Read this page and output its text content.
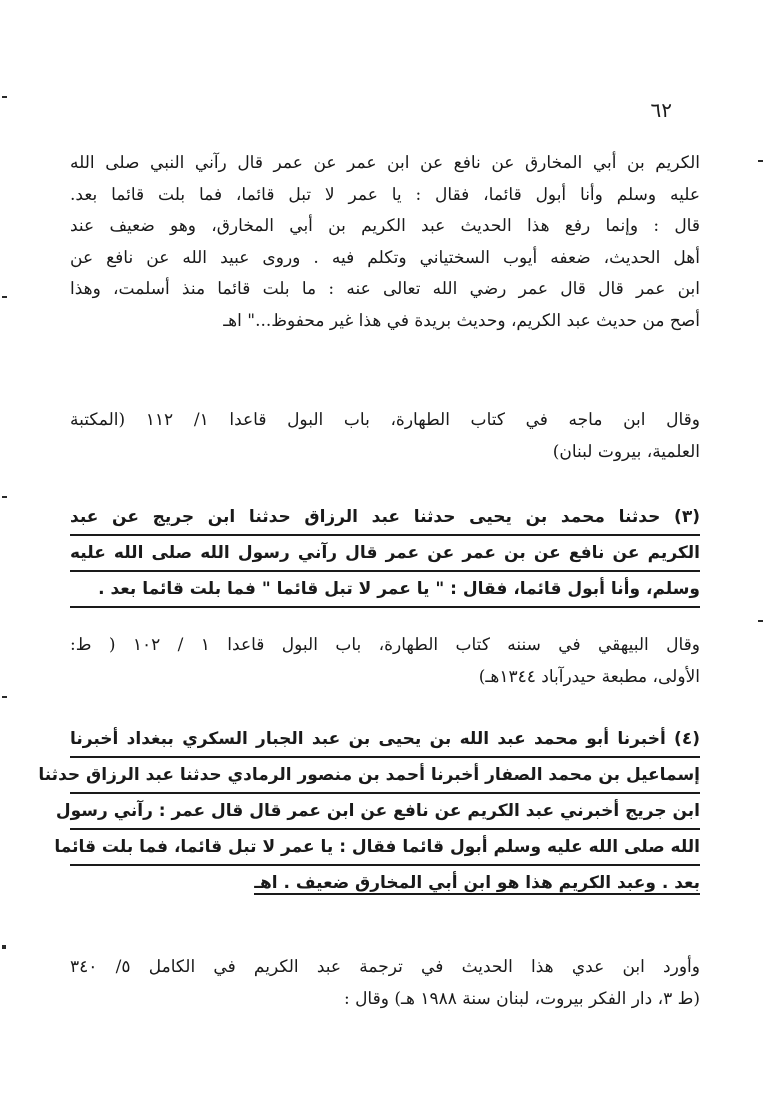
٦٢
الكريم بن أبي المخارق عن نافع عن ابن عمر عن عمر قال رآني النبي صلى الله
عليه وسلم وأنا أبول قائما، فقال : يا عمر لا تبل قائما، فما بلت قائما بعد.
قال : وإنما رفع هذا الحديث عبد الكريم بن أبي المخارق، وهو ضعيف عند
أهل الحديث، ضعفه أيوب السختياني وتكلم فيه . وروى عبيد الله عن نافع عن
ابن عمر قال قال عمر رضي الله تعالى عنه : ما بلت قائما منذ أسلمت، وهذا
أصح من حديث عبد الكريم، وحديث بريدة في هذا غير محفوظ..." اهـ
وقال ابن ماجه في كتاب الطهارة، باب البول قاعدا ١/ ١١٢ (المكتبة
العلمية، بيروت لبنان)
(٣) حدثنا محمد بن يحيى حدثنا عبد الرزاق حدثنا ابن جريج عن عبد
الكريم عن نافع عن بن عمر عن عمر قال رآني رسول الله صلى الله عليه
وسلم، وأنا أبول قائما، فقال : " يا عمر لا تبل قائما " فما بلت قائما بعد .
وقال البيهقي في سننه كتاب الطهارة، باب البول قاعدا ١ / ١٠٢ ( ط:
الأولى، مطبعة حيدرآباد ١٣٤٤هـ)
(٤) أخبرنا أبو محمد عبد الله بن يحيى بن عبد الجبار السكري ببغداد أخبرنا
إسماعيل بن محمد الصفار أخبرنا أحمد بن منصور الرمادي حدثنا عبد الرزاق حدثنا
ابن جريج أخبرني عبد الكريم عن نافع عن ابن عمر قال قال عمر : رآني رسول
الله صلى الله عليه وسلم أبول قائما فقال : يا عمر لا تبل قائما، فما بلت قائما
بعد . وعبد الكريم هذا هو ابن أبي المخارق ضعيف . اهـ
وأورد ابن عدي هذا الحديث في ترجمة عبد الكريم في الكامل ٥/ ٣٤٠
(ط ٣، دار الفكر بيروت، لبنان سنة ١٩٨٨ هـ) وقال :
